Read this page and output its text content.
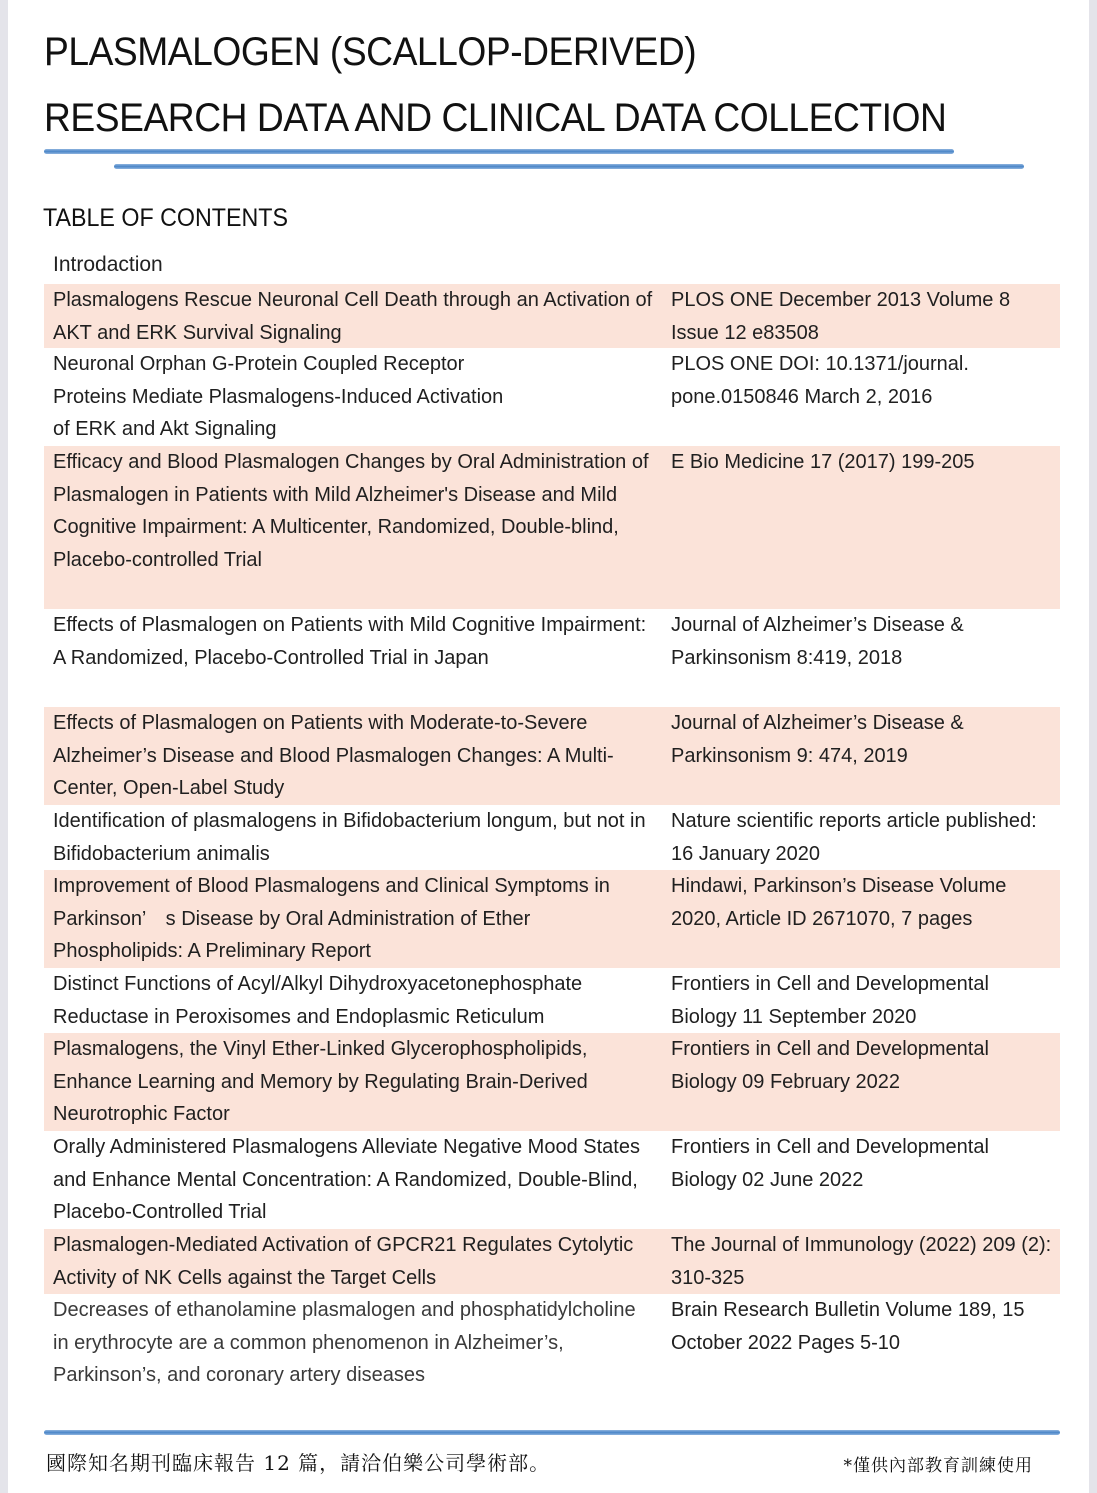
PLASMALOGEN (SCALLOP-DERIVED)
RESEARCH DATA AND CLINICAL DATA COLLECTION
TABLE OF CONTENTS
Introdaction
Plasmalogens Rescue Neuronal Cell Death through an Activation of AKT and ERK Survival Signaling
PLOS ONE December 2013 Volume 8 Issue 12 e83508
Neuronal Orphan G-Protein Coupled Receptor Proteins Mediate Plasmalogens-Induced Activation of ERK and Akt Signaling
PLOS ONE DOI: 10.1371/journal. pone.0150846 March 2, 2016
Efficacy and Blood Plasmalogen Changes by Oral Administration of Plasmalogen in Patients with Mild Alzheimer's Disease and Mild Cognitive Impairment: A Multicenter, Randomized, Double-blind, Placebo-controlled Trial
E Bio Medicine 17 (2017) 199-205
Effects of Plasmalogen on Patients with Mild Cognitive Impairment: A Randomized, Placebo-Controlled Trial in Japan
Journal of Alzheimer’s Disease & Parkinsonism 8:419, 2018
Effects of Plasmalogen on Patients with Moderate-to-Severe Alzheimer’s Disease and Blood Plasmalogen Changes: A Multi-Center, Open-Label Study
Journal of Alzheimer’s Disease & Parkinsonism 9: 474, 2019
Identification of plasmalogens in Bifidobacterium longum, but not in Bifidobacterium animalis
Nature scientific reports article published: 16 January 2020
Improvement of Blood Plasmalogens and Clinical Symptoms in Parkinson’　s Disease by Oral Administration of Ether Phospholipids: A Preliminary Report
Hindawi, Parkinson’s Disease Volume 2020, Article ID 2671070, 7 pages
Distinct Functions of Acyl/Alkyl Dihydroxyacetonephosphate Reductase in Peroxisomes and Endoplasmic Reticulum
Frontiers in Cell and Developmental Biology 11 September 2020
Plasmalogens, the Vinyl Ether-Linked Glycerophospholipids, Enhance Learning and Memory by Regulating Brain-Derived Neurotrophic Factor
Frontiers in Cell and Developmental Biology 09 February 2022
Orally Administered Plasmalogens Alleviate Negative Mood States and Enhance Mental Concentration: A Randomized, Double-Blind, Placebo-Controlled Trial
Frontiers in Cell and Developmental Biology 02 June 2022
Plasmalogen-Mediated Activation of GPCR21 Regulates Cytolytic Activity of NK Cells against the Target Cells
The Journal of Immunology (2022) 209 (2): 310-325
Decreases of ethanolamine plasmalogen and phosphatidylcholine in erythrocyte are a common phenomenon in Alzheimer’s, Parkinson’s, and coronary artery diseases
Brain Research Bulletin Volume 189, 15 October 2022 Pages 5-10
國際知名期刊臨床報告 12 篇，請洽伯樂公司學術部。	*僅供內部教育訓練使用
